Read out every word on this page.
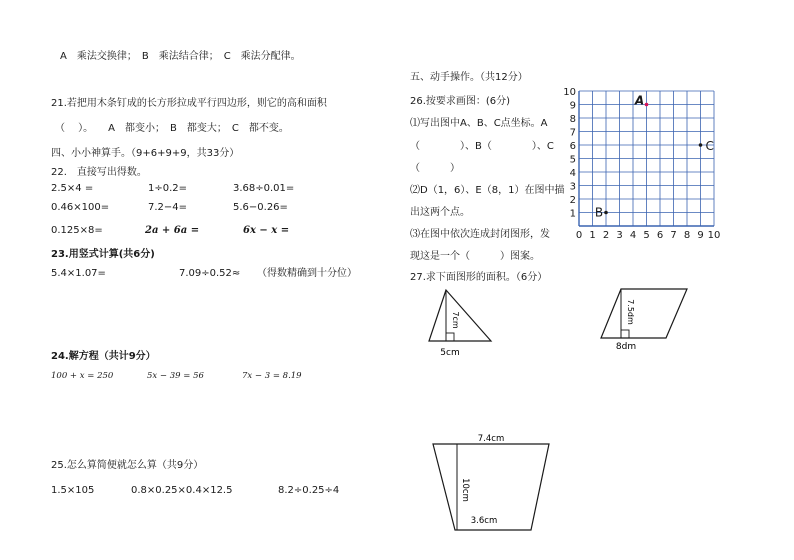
A　乘法交换律；　B　乘法结合律；　C　乘法分配律。
21.若把用木条钉成的长方形拉成平行四边形，则它的高和面积
（　 ）。　　A　都变小；　B　都变大；　C　都不变。
四、小小神算手。（9+6+9+9，共33分）
22.　直接写出得数。
2.5×4 =	1÷0.2=	3.68÷0.01=
0.46×100=	7.2−4=	5.6−0.26=
0.125×8=	2a + 6a =	6x − x =
23.用竖式计算(共6分)
5.4×1.07=	7.09÷0.52≈ （得数精确到十分位）
24.解方程（共计9分）
100 + x = 250	5x − 39 = 56	7x − 3 = 8.19
25.怎么算简便就怎么算（共9分）
1.5×105	0.8×0.25×0.4×12.5	8.2÷0.25÷4
五、动手操作。（共12分）
26.按要求画图：(6分)
⑴写出图中A、B、C点坐标。A
（　　　　）、B（　　　　）、C
（　　　）
⑵D（1，6）、E（8，1）在图中描
出这两个点。
⑶在图中依次连成封闭图形，发
现这是一个（　　　）图案。
27.求下面图形的面积。（6分）
0 1 2 3 4 5 6 7 8 9 10
1
2
3
4
5
6
7
8
9
10
A
B
C
7cm
5cm
7.5dm
8dm
7.4cm
10cm
3.6cm
